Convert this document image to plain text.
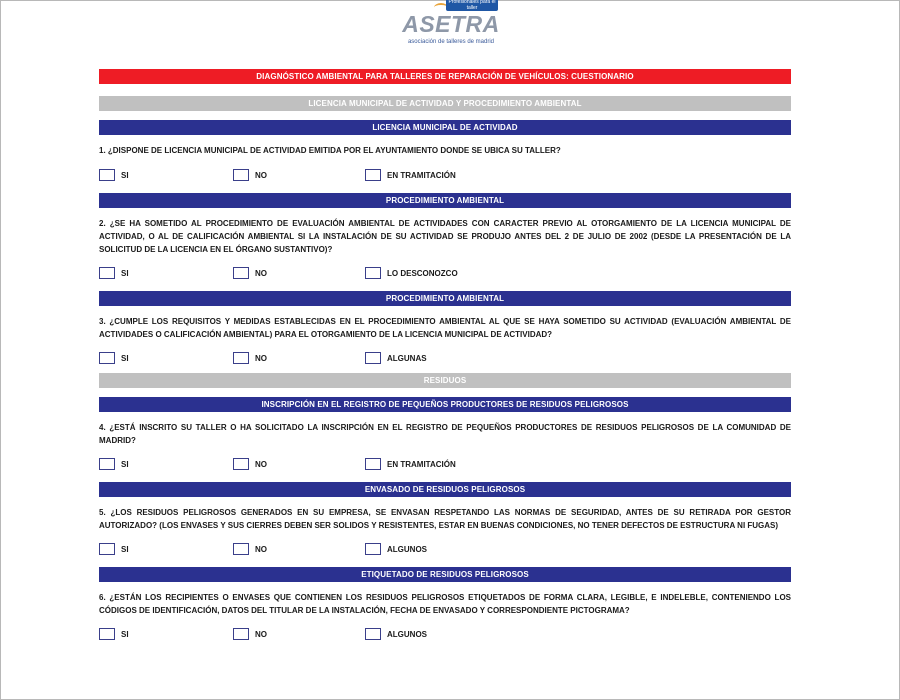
Profesionales para el taller
ASETRA
asociación de talleres de madrid
DIAGNÓSTICO AMBIENTAL PARA TALLERES DE REPARACIÓN DE VEHÍCULOS: CUESTIONARIO
LICENCIA MUNICIPAL DE ACTIVIDAD Y PROCEDIMIENTO AMBIENTAL
LICENCIA MUNICIPAL DE ACTIVIDAD

1. ¿DISPONE DE LICENCIA MUNICIPAL DE ACTIVIDAD EMITIDA POR EL AYUNTAMIENTO DONDE SE UBICA SU TALLER?

SI	NO	EN TRAMITACIÓN
PROCEDIMIENTO AMBIENTAL

2. ¿SE HA SOMETIDO AL PROCEDIMIENTO DE EVALUACIÓN AMBIENTAL DE ACTIVIDADES CON CARACTER PREVIO AL OTORGAMIENTO DE LA LICENCIA MUNICIPAL DE ACTIVIDAD, O AL DE CALIFICACIÓN AMBIENTAL SI LA INSTALACIÓN DE SU ACTIVIDAD SE PRODUJO ANTES DEL 2 DE JULIO DE 2002 (DESDE LA PRESENTACIÓN DE LA SOLICITUD DE LA LICENCIA EN EL ÓRGANO SUSTANTIVO)?

SI	NO	LO DESCONOZCO
PROCEDIMIENTO AMBIENTAL

3. ¿CUMPLE LOS REQUISITOS Y MEDIDAS ESTABLECIDAS EN EL PROCEDIMIENTO AMBIENTAL AL QUE SE HAYA SOMETIDO SU ACTIVIDAD (EVALUACIÓN AMBIENTAL DE ACTIVIDADES O CALIFICACIÓN AMBIENTAL) PARA EL OTORGAMIENTO DE LA LICENCIA MUNICIPAL DE ACTIVIDAD?

SI	NO	ALGUNAS
RESIDUOS
INSCRIPCIÓN EN EL REGISTRO DE PEQUEÑOS PRODUCTORES DE RESIDUOS PELIGROSOS

4. ¿ESTÁ INSCRITO SU TALLER O HA SOLICITADO LA INSCRIPCIÓN EN EL REGISTRO DE PEQUEÑOS PRODUCTORES DE RESIDUOS PELIGROSOS DE LA COMUNIDAD DE MADRID?

SI	NO	EN TRAMITACIÓN
ENVASADO DE RESIDUOS PELIGROSOS

5. ¿LOS RESIDUOS PELIGROSOS GENERADOS EN SU EMPRESA, SE ENVASAN RESPETANDO LAS NORMAS DE SEGURIDAD, ANTES DE SU RETIRADA POR GESTOR AUTORIZADO? (LOS ENVASES Y SUS CIERRES DEBEN SER SOLIDOS Y RESISTENTES, ESTAR EN BUENAS CONDICIONES, NO TENER DEFECTOS DE ESTRUCTURA NI FUGAS)

SI	NO	ALGUNOS
ETIQUETADO DE RESIDUOS PELIGROSOS

6. ¿ESTÁN LOS RECIPIENTES O ENVASES QUE CONTIENEN LOS RESIDUOS PELIGROSOS ETIQUETADOS DE FORMA CLARA, LEGIBLE, E INDELEBLE, CONTENIENDO LOS CÓDIGOS DE IDENTIFICACIÓN, DATOS DEL TITULAR DE LA INSTALACIÓN, FECHA DE ENVASADO Y CORRESPONDIENTE PICTOGRAMA?

SI	NO	ALGUNOS
